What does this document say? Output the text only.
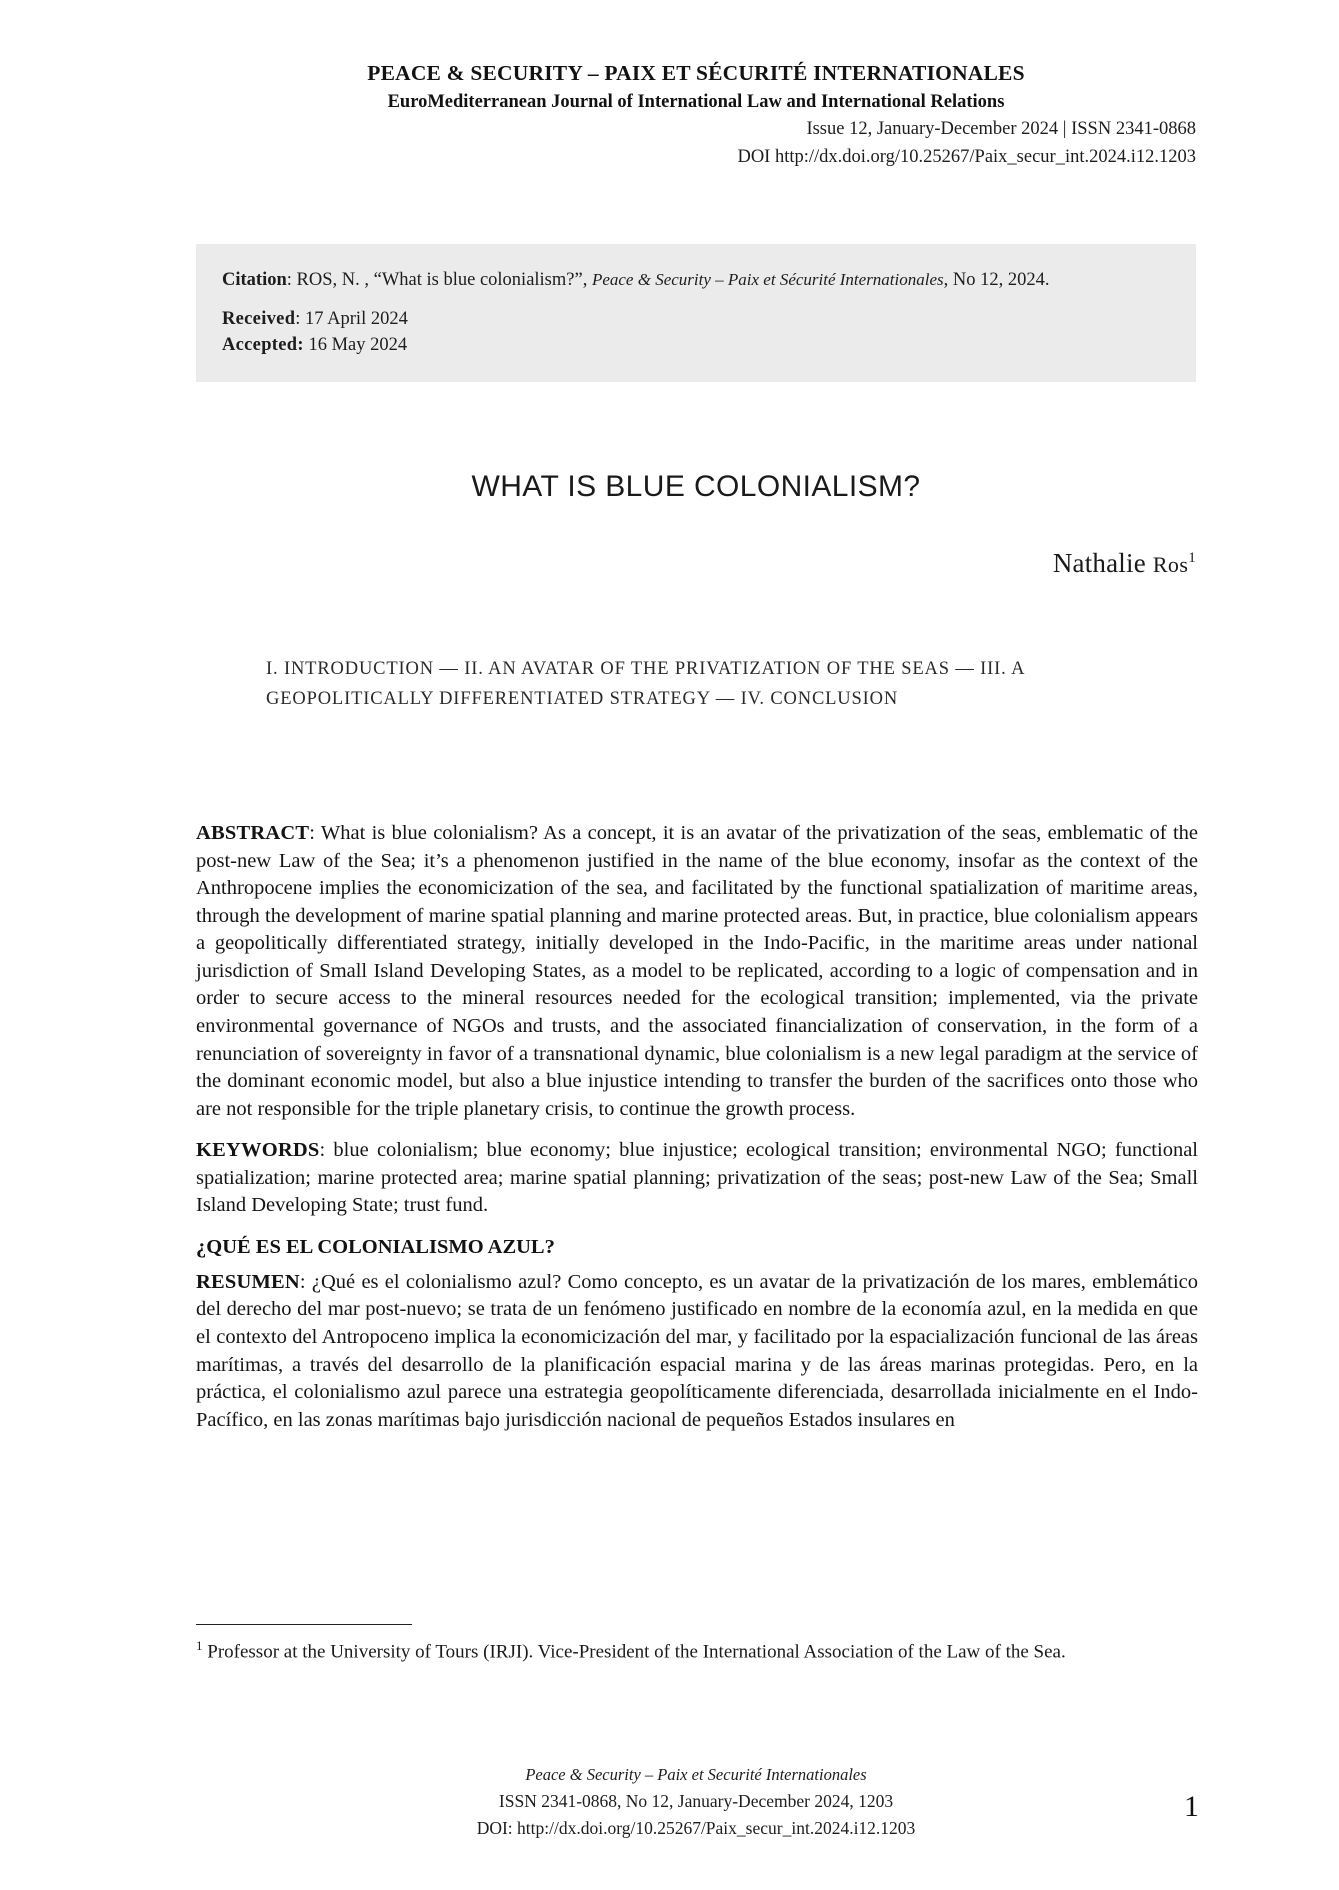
PEACE & SECURITY – PAIX ET SÉCURITÉ INTERNATIONALES
EuroMediterranean Journal of International Law and International Relations
Issue 12, January-December 2024 | ISSN 2341-0868
DOI http://dx.doi.org/10.25267/Paix_secur_int.2024.i12.1203
Citation: ROS, N. , “What is blue colonialism?”, Peace & Security – Paix et Sécurité Internationales, No 12, 2024.
Received: 17 April 2024
Accepted: 16 May 2024
WHAT IS BLUE COLONIALISM?
Nathalie Ros$^1$
I. INTRODUCTION — II. AN AVATAR OF THE PRIVATIZATION OF THE SEAS — III. A GEOPOLITICALLY DIFFERENTIATED STRATEGY — IV. CONCLUSION

ABSTRACT: What is blue colonialism? As a concept, it is an avatar of the privatization of the seas, emblematic of the post-new Law of the Sea; it’s a phenomenon justified in the name of the blue economy, insofar as the context of the Anthropocene implies the economicization of the sea, and facilitated by the functional spatialization of maritime areas, through the development of marine spatial planning and marine protected areas. But, in practice, blue colonialism appears a geopolitically differentiated strategy, initially developed in the Indo-Pacific, in the maritime areas under national jurisdiction of Small Island Developing States, as a model to be replicated, according to a logic of compensation and in order to secure access to the mineral resources needed for the ecological transition; implemented, via the private environmental governance of NGOs and trusts, and the associated financialization of conservation, in the form of a renunciation of sovereignty in favor of a transnational dynamic, blue colonialism is a new legal paradigm at the service of the dominant economic model, but also a blue injustice intending to transfer the burden of the sacrifices onto those who are not responsible for the triple planetary crisis, to continue the growth process.

KEYWORDS: blue colonialism; blue economy; blue injustice; ecological transition; environmental NGO; functional spatialization; marine protected area; marine spatial planning; privatization of the seas; post-new Law of the Sea; Small Island Developing State; trust fund.

¿QUÉ ES EL COLONIALISMO AZUL?

RESUMEN: ¿Qué es el colonialismo azul? Como concepto, es un avatar de la privatización de los mares, emblemático del derecho del mar post-nuevo; se trata de un fenómeno justificado en nombre de la economía azul, en la medida en que el contexto del Antropoceno implica la economicización del mar, y facilitado por la espacialización funcional de las áreas marítimas, a través del desarrollo de la planificación espacial marina y de las áreas marinas protegidas. Pero, en la práctica, el colonialismo azul parece una estrategia geopolíticamente diferenciada, desarrollada inicialmente en el Indo-Pacífico, en las zonas marítimas bajo jurisdicción nacional de pequeños Estados insulares en

$^1$ Professor at the University of Tours (IRJI). Vice-President of the International Association of the Law of the Sea.
Peace & Security – Paix et Securité Internationales
ISSN 2341-0868, No 12, January-December 2024, 1203
DOI: http://dx.doi.org/10.25267/Paix_secur_int.2024.i12.1203
1
